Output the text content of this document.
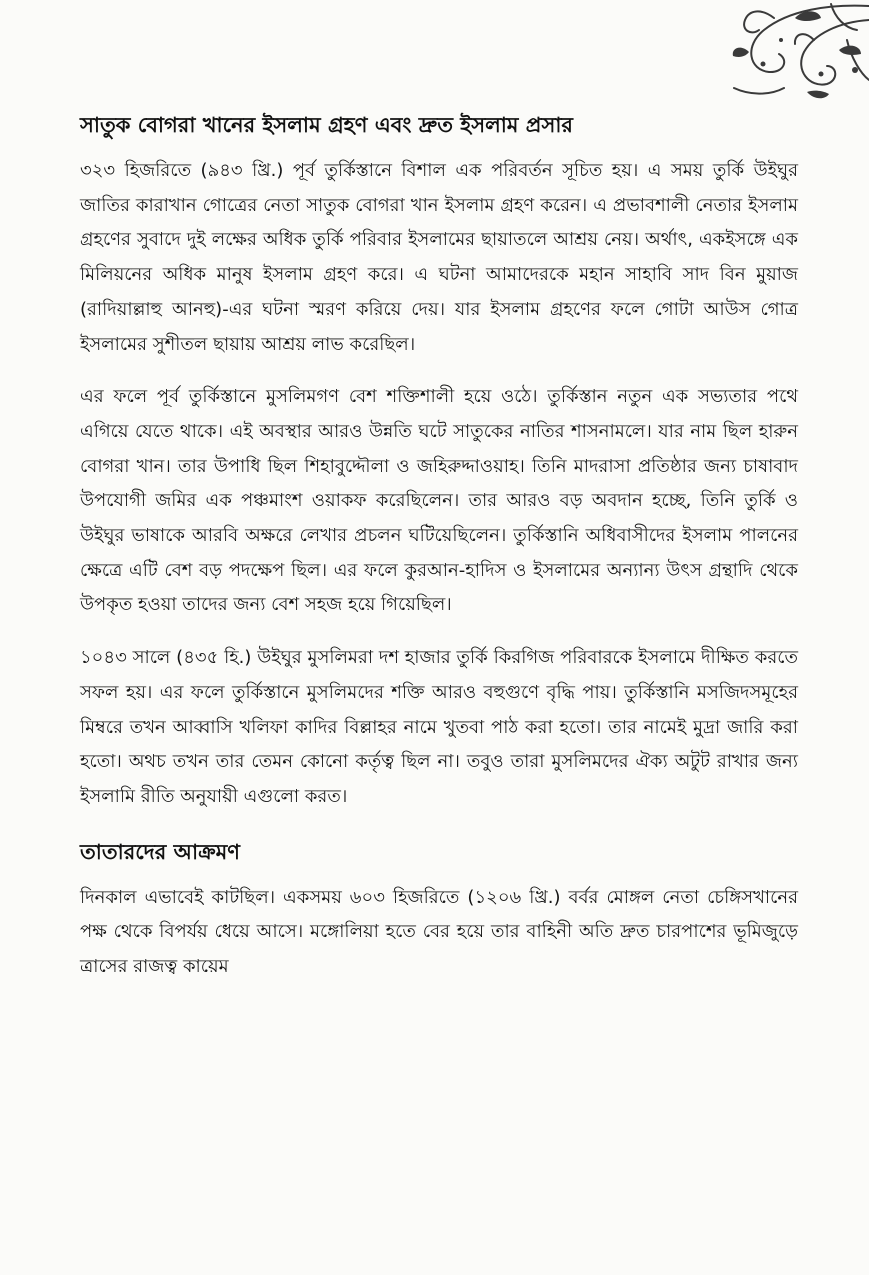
সাতুক বোগরা খানের ইসলাম গ্রহণ এবং দ্রুত ইসলাম প্রসার

৩২৩ হিজরিতে (৯৪৩ খ্রি.) পূর্ব তুর্কিস্তানে বিশাল এক পরিবর্তন সূচিত হয়। এ সময় তুর্কি উইঘুর জাতির কারাখান গোত্রের নেতা সাতুক বোগরা খান ইসলাম গ্রহণ করেন। এ প্রভাবশালী নেতার ইসলাম গ্রহণের সুবাদে দুই লক্ষের অধিক তুর্কি পরিবার ইসলামের ছায়াতলে আশ্রয় নেয়। অর্থাৎ, একইসঙ্গে এক মিলিয়নের অধিক মানুষ ইসলাম গ্রহণ করে। এ ঘটনা আমাদেরকে মহান সাহাবি সাদ বিন মুয়াজ (রাদিয়াল্লাহু আনহু)-এর ঘটনা স্মরণ করিয়ে দেয়। যার ইসলাম গ্রহণের ফলে গোটা আউস গোত্র ইসলামের সুশীতল ছায়ায় আশ্রয় লাভ করেছিল।

এর ফলে পূর্ব তুর্কিস্তানে মুসলিমগণ বেশ শক্তিশালী হয়ে ওঠে। তুর্কিস্তান নতুন এক সভ্যতার পথে এগিয়ে যেতে থাকে। এই অবস্থার আরও উন্নতি ঘটে সাতুকের নাতির শাসনামলে। যার নাম ছিল হারুন বোগরা খান। তার উপাধি ছিল শিহাবুদ্দৌলা ও জহিরুদ্দাওয়াহ। তিনি মাদরাসা প্রতিষ্ঠার জন্য চাষাবাদ উপযোগী জমির এক পঞ্চমাংশ ওয়াকফ করেছিলেন। তার আরও বড় অবদান হচ্ছে, তিনি তুর্কি ও উইঘুর ভাষাকে আরবি অক্ষরে লেখার প্রচলন ঘটিয়েছিলেন। তুর্কিস্তানি অধিবাসীদের ইসলাম পালনের ক্ষেত্রে এটি বেশ বড় পদক্ষেপ ছিল। এর ফলে কুরআন-হাদিস ও ইসলামের অন্যান্য উৎস গ্রন্থাদি থেকে উপকৃত হওয়া তাদের জন্য বেশ সহজ হয়ে গিয়েছিল।

১০৪৩ সালে (৪৩৫ হি.) উইঘুর মুসলিমরা দশ হাজার তুর্কি কিরগিজ পরিবারকে ইসলামে দীক্ষিত করতে সফল হয়। এর ফলে তুর্কিস্তানে মুসলিমদের শক্তি আরও বহুগুণে বৃদ্ধি পায়। তুর্কিস্তানি মসজিদসমূহের মিম্বরে তখন আব্বাসি খলিফা কাদির বিল্লাহর নামে খুতবা পাঠ করা হতো। তার নামেই মুদ্রা জারি করা হতো। অথচ তখন তার তেমন কোনো কর্তৃত্ব ছিল না। তবুও তারা মুসলিমদের ঐক্য অটুট রাখার জন্য ইসলামি রীতি অনুযায়ী এগুলো করত।

তাতারদের আক্রমণ

দিনকাল এভাবেই কাটছিল। একসময় ৬০৩ হিজরিতে (১২০৬ খ্রি.) বর্বর মোঙ্গল নেতা চেঙ্গিসখানের পক্ষ থেকে বিপর্যয় ধেয়ে আসে। মঙ্গোলিয়া হতে বের হয়ে তার বাহিনী অতি দ্রুত চারপাশের ভূমিজুড়ে ত্রাসের রাজত্ব কায়েম
